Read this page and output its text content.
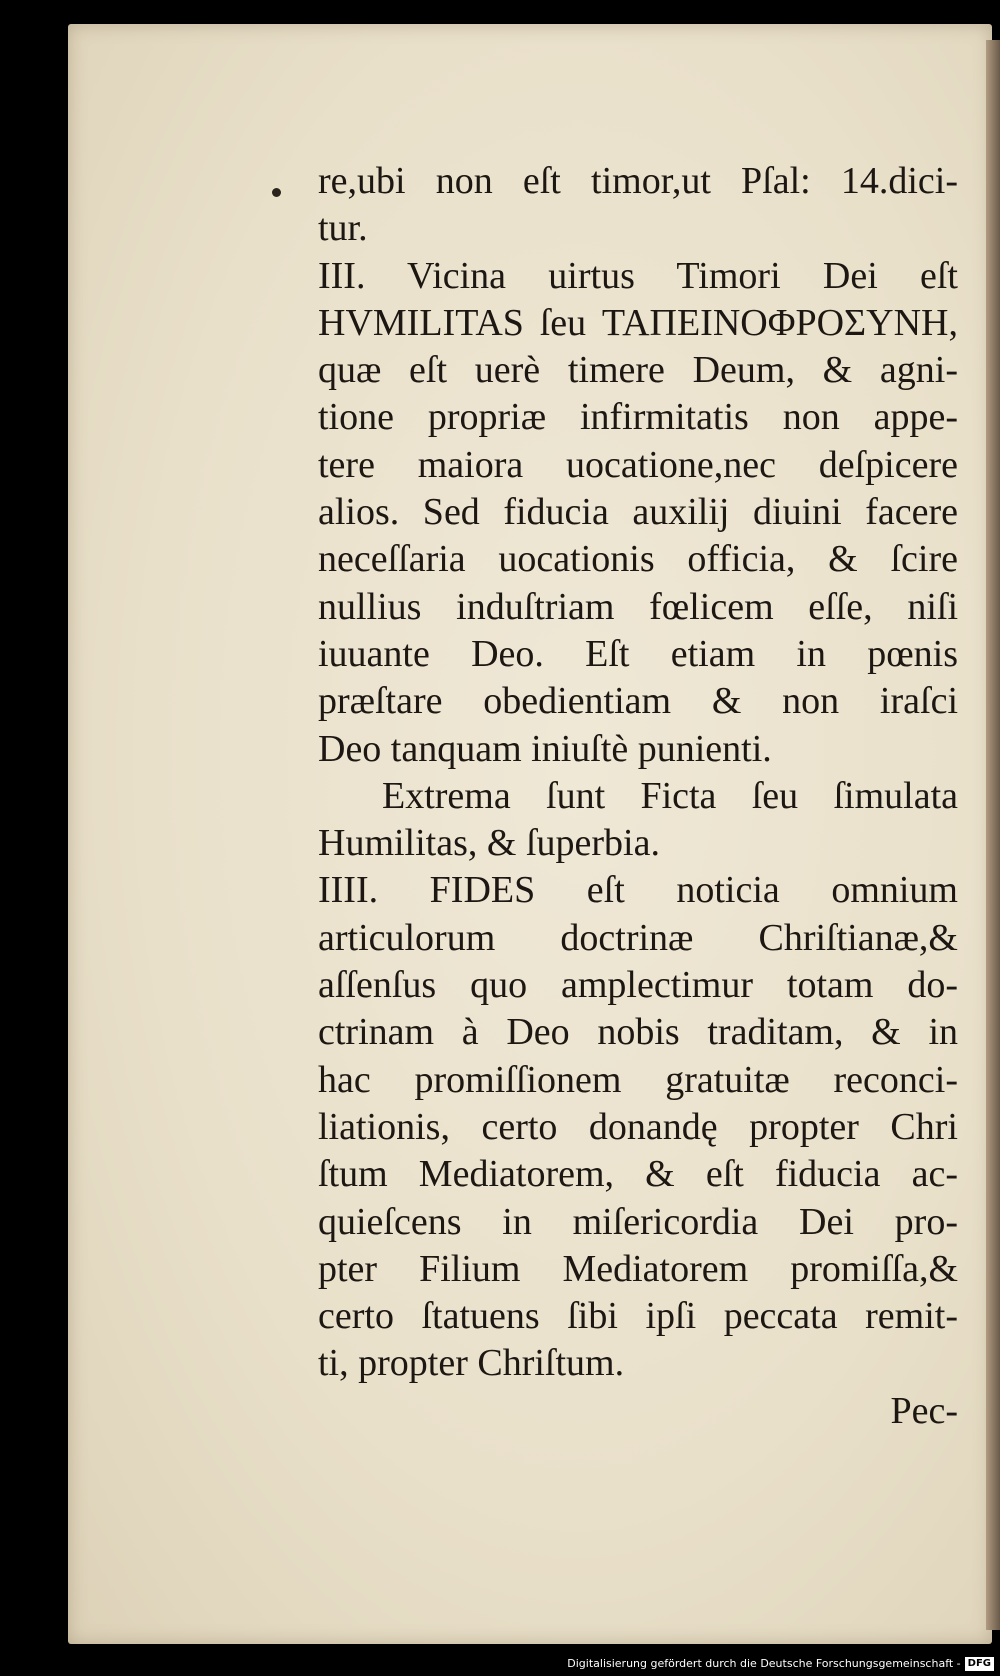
re,ubi non eſt timor,ut Pſal: 14.dici-
tur.
III. Vicina uirtus Timori Dei eſt
HVMILITAS ſeu ΤΑΠΕΙΝΟΦΡΟΣΥΝΗ,
quæ eſt uerè timere Deum, & agni-
tione propriæ infirmitatis non appe-
tere maiora uocatione,nec deſpicere
alios. Sed fiducia auxilij diuini facere
neceſſaria uocationis officia, & ſcire
nullius induſtriam fœlicem eſſe, niſi
iuuante Deo. Eſt etiam in pœnis
præſtare obedientiam & non iraſci
Deo tanquam iniuſtè punienti.
Extrema ſunt Ficta ſeu ſimulata
Humilitas, & ſuperbia.
IIII. FIDES eſt noticia omnium
articulorum doctrinæ Chriſtianæ,&
aſſenſus quo amplectimur totam do-
ctrinam à Deo nobis traditam, & in
hac promiſſionem gratuitæ reconci-
liationis, certo donandę propter Chri
ſtum Mediatorem, & eſt fiducia ac-
quieſcens in miſericordia Dei pro-
pter Filium Mediatorem promiſſa,&
certo ſtatuens ſibi ipſi peccata remit-
ti, propter Chriſtum.
Pec-
Digitalisierung gefördert durch die Deutsche Forschungsgemeinschaft - DFG
